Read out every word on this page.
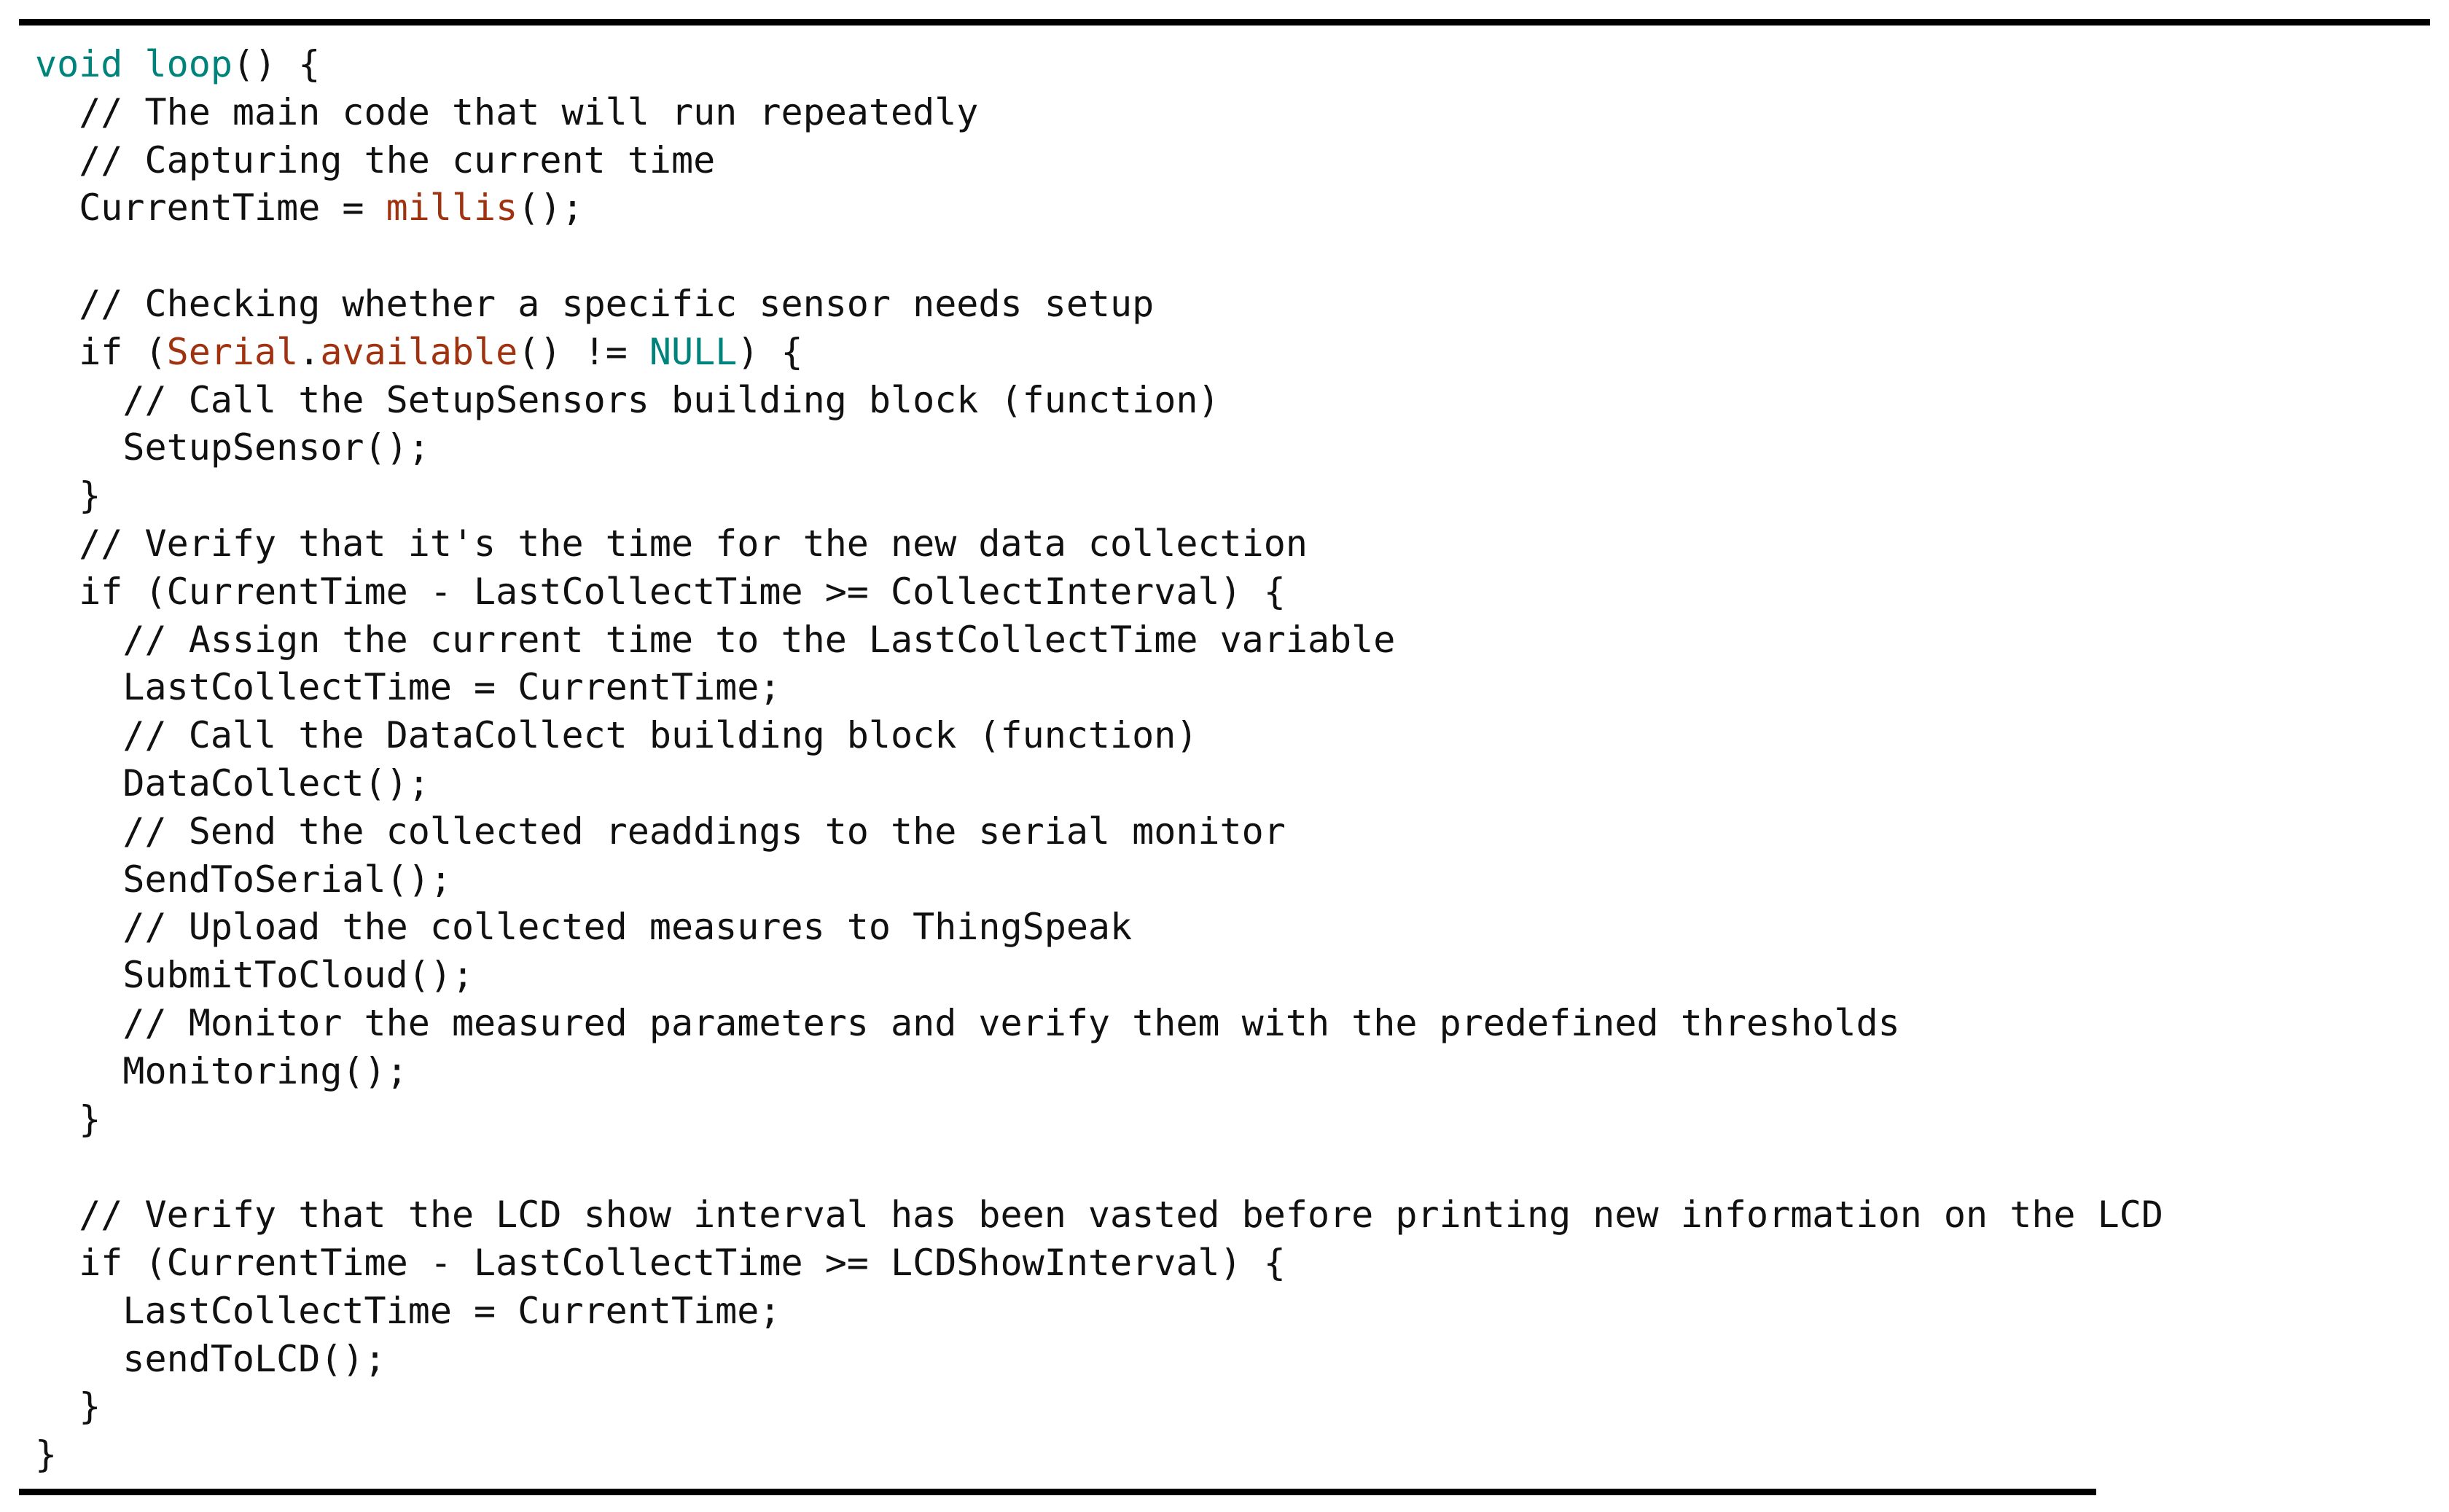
void loop() {
// The main code that will run repeatedly
// Capturing the current time
CurrentTime = millis();
// Checking whether a specific sensor needs setup
if (Serial.available() != NULL) {
// Call the SetupSensors building block (function)
SetupSensor();
}
// Verify that it's the time for the new data collection
if (CurrentTime - LastCollectTime >= CollectInterval) {
// Assign the current time to the LastCollectTime variable
LastCollectTime = CurrentTime;
// Call the DataCollect building block (function)
DataCollect();
// Send the collected readdings to the serial monitor
SendToSerial();
// Upload the collected measures to ThingSpeak
SubmitToCloud();
// Monitor the measured parameters and verify them with the predefined thresholds
Monitoring();
}
// Verify that the LCD show interval has been vasted before printing new information on the LCD
if (CurrentTime - LastCollectTime >= LCDShowInterval) {
LastCollectTime = CurrentTime;
sendToLCD();
}
}
